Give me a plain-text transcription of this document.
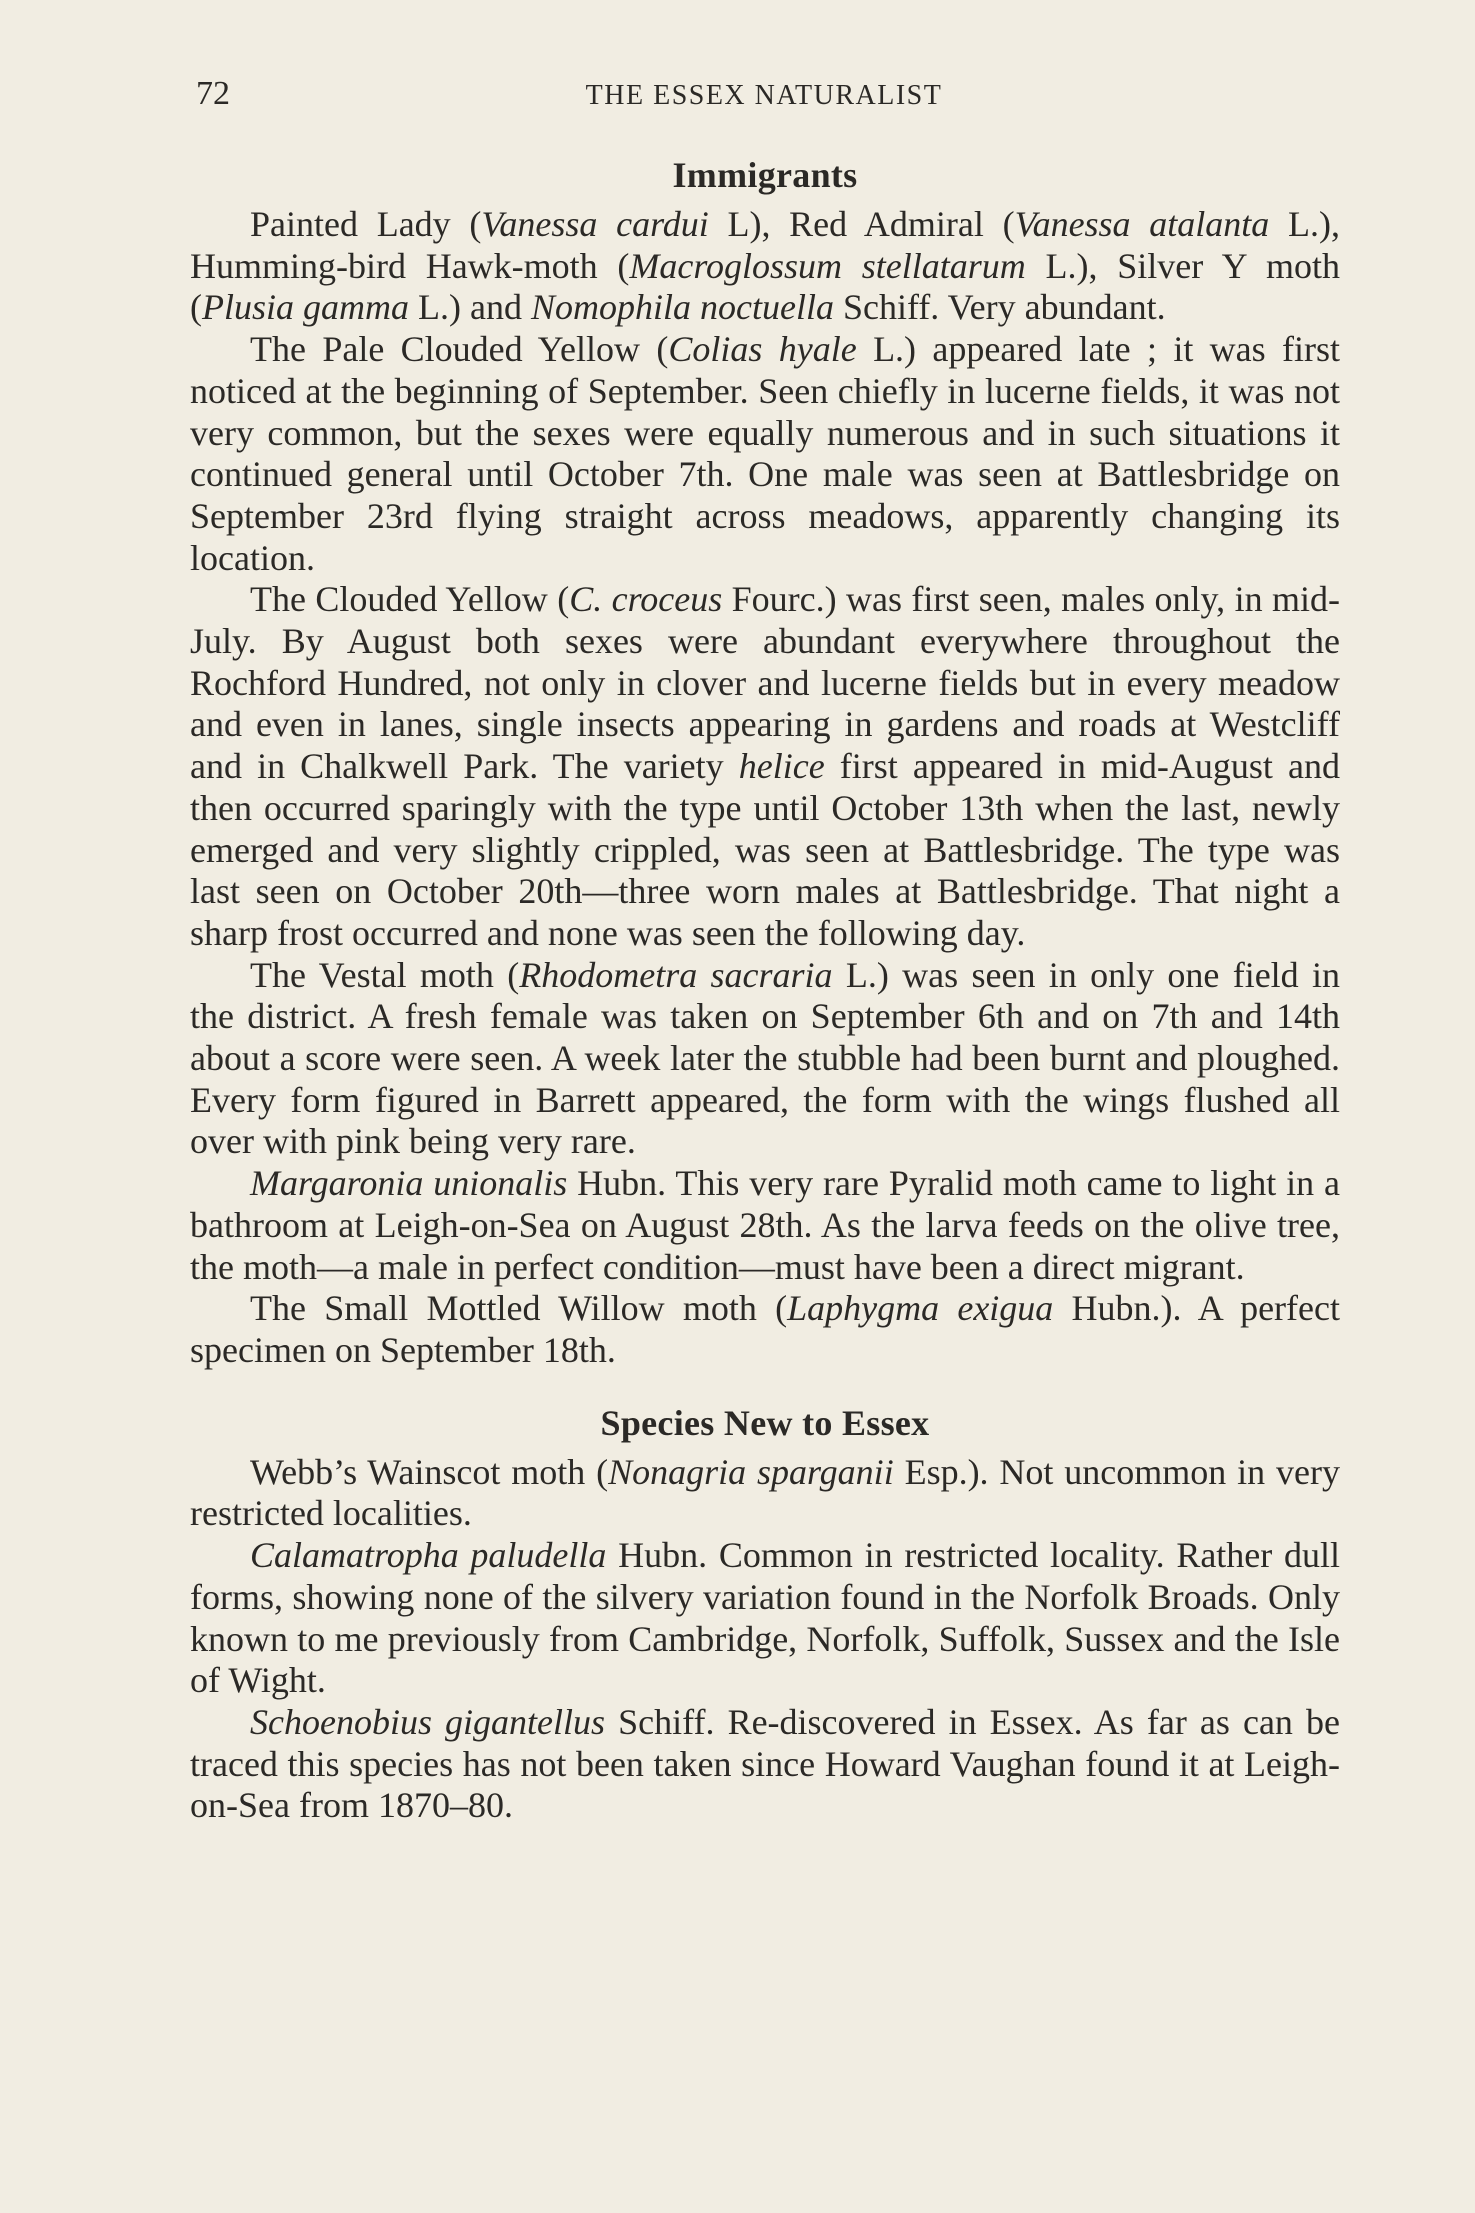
72	THE ESSEX NATURALIST
Immigrants

Painted Lady (Vanessa cardui L), Red Admiral (Vanessa atalanta L.), Humming-bird Hawk-moth (Macroglossum stellatarum L.), Silver Y moth (Plusia gamma L.) and Nomophila noctuella Schiff. Very abundant.

The Pale Clouded Yellow (Colias hyale L.) appeared late ; it was first noticed at the beginning of September. Seen chiefly in lucerne fields, it was not very common, but the sexes were equally numerous and in such situations it continued general until October 7th. One male was seen at Battlesbridge on September 23rd flying straight across meadows, apparently changing its location.

The Clouded Yellow (C. croceus Fourc.) was first seen, males only, in mid-July. By August both sexes were abundant everywhere throughout the Rochford Hundred, not only in clover and lucerne fields but in every meadow and even in lanes, single insects appearing in gardens and roads at Westcliff and in Chalkwell Park. The variety helice first appeared in mid-August and then occurred sparingly with the type until October 13th when the last, newly emerged and very slightly crippled, was seen at Battlesbridge. The type was last seen on October 20th—three worn males at Battlesbridge. That night a sharp frost occurred and none was seen the following day.

The Vestal moth (Rhodometra sacraria L.) was seen in only one field in the district. A fresh female was taken on September 6th and on 7th and 14th about a score were seen. A week later the stubble had been burnt and ploughed. Every form figured in Barrett appeared, the form with the wings flushed all over with pink being very rare.

Margaronia unionalis Hubn. This very rare Pyralid moth came to light in a bathroom at Leigh-on-Sea on August 28th. As the larva feeds on the olive tree, the moth—a male in perfect condition—must have been a direct migrant.

The Small Mottled Willow moth (Laphygma exigua Hubn.). A perfect specimen on September 18th.

Species New to Essex

Webb’s Wainscot moth (Nonagria sparganii Esp.). Not uncommon in very restricted localities.

Calamatropha paludella Hubn. Common in restricted locality. Rather dull forms, showing none of the silvery variation found in the Norfolk Broads. Only known to me previously from Cambridge, Norfolk, Suffolk, Sussex and the Isle of Wight.

Schoenobius gigantellus Schiff. Re-discovered in Essex. As far as can be traced this species has not been taken since Howard Vaughan found it at Leigh-on-Sea from 1870–80.
